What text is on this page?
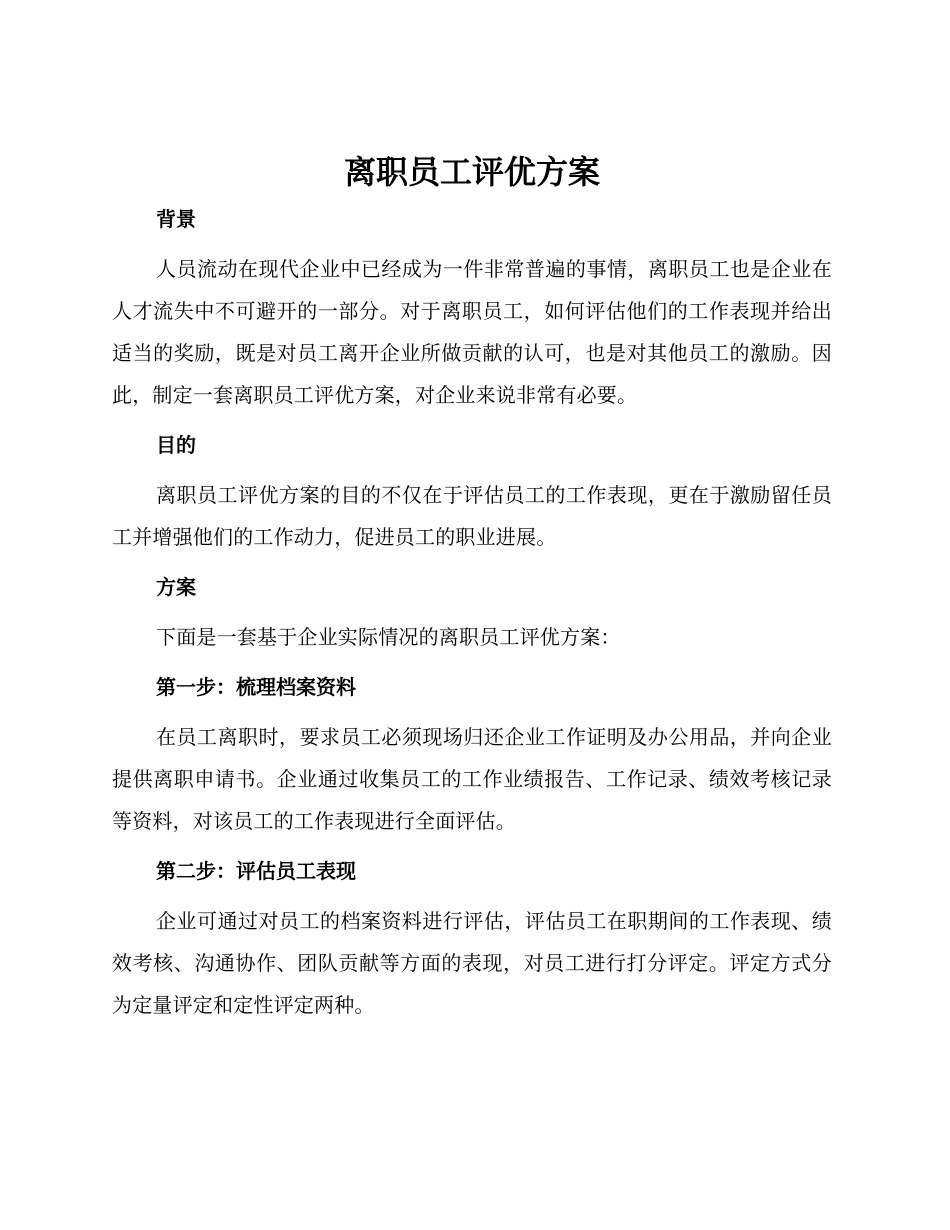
离职员工评优方案
背景

人员流动在现代企业中已经成为一件非常普遍的事情，离职员工也是企业在人才流失中不可避开的一部分。对于离职员工，如何评估他们的工作表现并给出适当的奖励，既是对员工离开企业所做贡献的认可，也是对其他员工的激励。因此，制定一套离职员工评优方案，对企业来说非常有必要。

目的

离职员工评优方案的目的不仅在于评估员工的工作表现，更在于激励留任员工并增强他们的工作动力，促进员工的职业进展。

方案

下面是一套基于企业实际情况的离职员工评优方案：

第一步：梳理档案资料

在员工离职时，要求员工必须现场归还企业工作证明及办公用品，并向企业提供离职申请书。企业通过收集员工的工作业绩报告、工作记录、绩效考核记录等资料，对该员工的工作表现进行全面评估。

第二步：评估员工表现

企业可通过对员工的档案资料进行评估，评估员工在职期间的工作表现、绩效考核、沟通协作、团队贡献等方面的表现，对员工进行打分评定。评定方式分为定量评定和定性评定两种。
